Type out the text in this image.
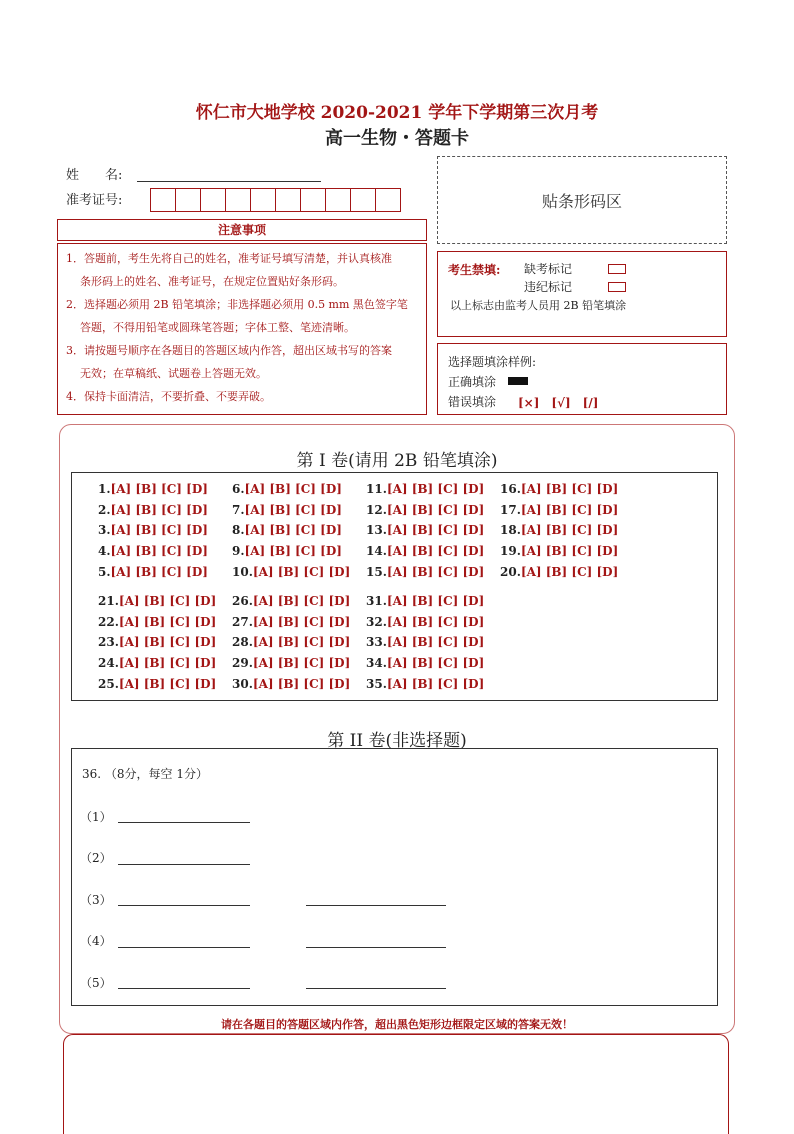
怀仁市大地学校 2020-2021 学年下学期第三次月考
高一生物・答题卡
姓　　名:
准考证号:	贴条形码区
注意事项

1．答题前，考生先将自己的姓名，准考证号填写清楚，并认真核准

条形码上的姓名、准考证号，在规定位置贴好条形码。

2．选择题必须用 2B 铅笔填涂；非选择题必须用 0.5 mm 黑色签字笔

答题，不得用铅笔或圆珠笔答题；字体工整、笔迹清晰。

3．请按题号顺序在各题目的答题区域内作答，超出区域书写的答案

无效；在草稿纸、试题卷上答题无效。

4．保持卡面清洁，不要折叠、不要弄破。

考生禁填: 缺考标记
违纪标记
以上标志由监考人员用 2B 铅笔填涂
选择题填涂样例:
正确填涂
错误填涂 [×]　[√]　[/]
第 I 卷(请用 2B 铅笔填涂)
1.[A] [B] [C] [D]
2.[A] [B] [C] [D]
3.[A] [B] [C] [D]
4.[A] [B] [C] [D]
5.[A] [B] [C] [D]
6.[A] [B] [C] [D]
7.[A] [B] [C] [D]
8.[A] [B] [C] [D]
9.[A] [B] [C] [D]
10.[A] [B] [C] [D]
11.[A] [B] [C] [D]
12.[A] [B] [C] [D]
13.[A] [B] [C] [D]
14.[A] [B] [C] [D]
15.[A] [B] [C] [D]
16.[A] [B] [C] [D]
17.[A] [B] [C] [D]
18.[A] [B] [C] [D]
19.[A] [B] [C] [D]
20.[A] [B] [C] [D]
21.[A] [B] [C] [D]
22.[A] [B] [C] [D]
23.[A] [B] [C] [D]
24.[A] [B] [C] [D]
25.[A] [B] [C] [D]
26.[A] [B] [C] [D]
27.[A] [B] [C] [D]
28.[A] [B] [C] [D]
29.[A] [B] [C] [D]
30.[A] [B] [C] [D]
31.[A] [B] [C] [D]
32.[A] [B] [C] [D]
33.[A] [B] [C] [D]
34.[A] [B] [C] [D]
35.[A] [B] [C] [D]
第 II 卷(非选择题)
36. （8分，每空 1分）
（1）
（2）
（3）
（4）
（5）
请在各题目的答题区域内作答，超出黑色矩形边框限定区域的答案无效！
